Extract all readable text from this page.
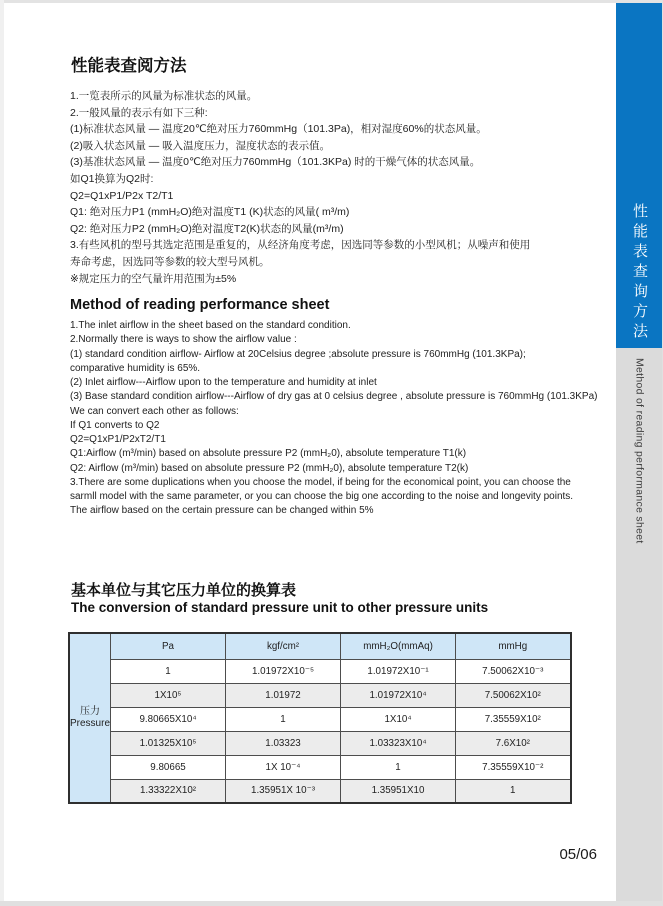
性能表查阅方法
1.一览表所示的风量为标准状态的风量。
2.一般风量的表示有如下三种:
(1)标准状态风量 — 温度20℃绝对压力760mmHg（101.3Pa)，相对湿度60%的状态风量。
(2)吸入状态风量 — 吸入温度压力，湿度状态的表示值。
(3)基准状态风量 — 温度0℃绝对压力760mmHg（101.3KPa) 时的干燥气体的状态风量。
如Q1换算为Q2时:
Q2=Q1xP1/P2x T2/T1
Q1: 绝对压力P1 (mmH₂O)绝对温度T1 (K)状态的风量( m³/m)
Q2: 绝对压力P2 (mmH₂O)绝对温度T2(K)状态的风量(m³/m)
3.有些风机的型号其选定范围是重复的，从经济角度考虑，因选同等参数的小型风机；从噪声和使用
寿命考虑，因选同等参数的较大型号风机。
※规定压力的空气量许用范围为±5%
Method of reading performance sheet
1.The inlet airflow in the sheet based on the standard condition.
2.Normally there is ways to show the airflow value :
(1) standard condition airflow- Airflow at 20Celsius degree ;absolute pressure is 760mmHg (101.3KPa);
comparative humidity is 65%.
(2) Inlet airflow---Airflow upon to the temperature and humidity at inlet
(3) Base standard condition airflow---Airflow of dry gas at 0 celsius degree , absolute pressure is 760mmHg (101.3KPa)
We can convert each other as follows:
If Q1 converts to Q2
Q2=Q1xP1/P2xT2/T1
Q1:Airflow (m³/min) based on absolute pressure P2 (mmH₂0), absolute temperature T1(k)
Q2: Airflow (m³/min) based on absolute pressure P2 (mmH₂0), absolute temperature T2(k)
3.There are some duplications when you choose the model, if being for the economical point, you can choose the
sarmll model with the same parameter, or you can choose the big one according to the noise and longevity points.
The airflow based on the certain pressure can be changed within 5%
基本单位与其它压力单位的换算表
The conversion of standard pressure unit to other pressure units
压力
Pressure	Pa	kgf/cm²	mmH₂O(mmAq)	mmHg
	1	1.01972X10⁻⁵	1.01972X10⁻¹	7.50062X10⁻³
	1X10⁵	1.01972	1.01972X10⁴	7.50062X10²
	9.80665X10⁴	1	1X10⁴	7.35559X10²
	1.01325X10⁵	1.03323	1.03323X10⁴	7.6X10²
	9.80665	1X 10⁻⁴	1	7.35559X10⁻²
	1.33322X10²	1.35951X 10⁻³	1.35951X10	1
05/06
性能表查询方法
Method of reading performance sheet
